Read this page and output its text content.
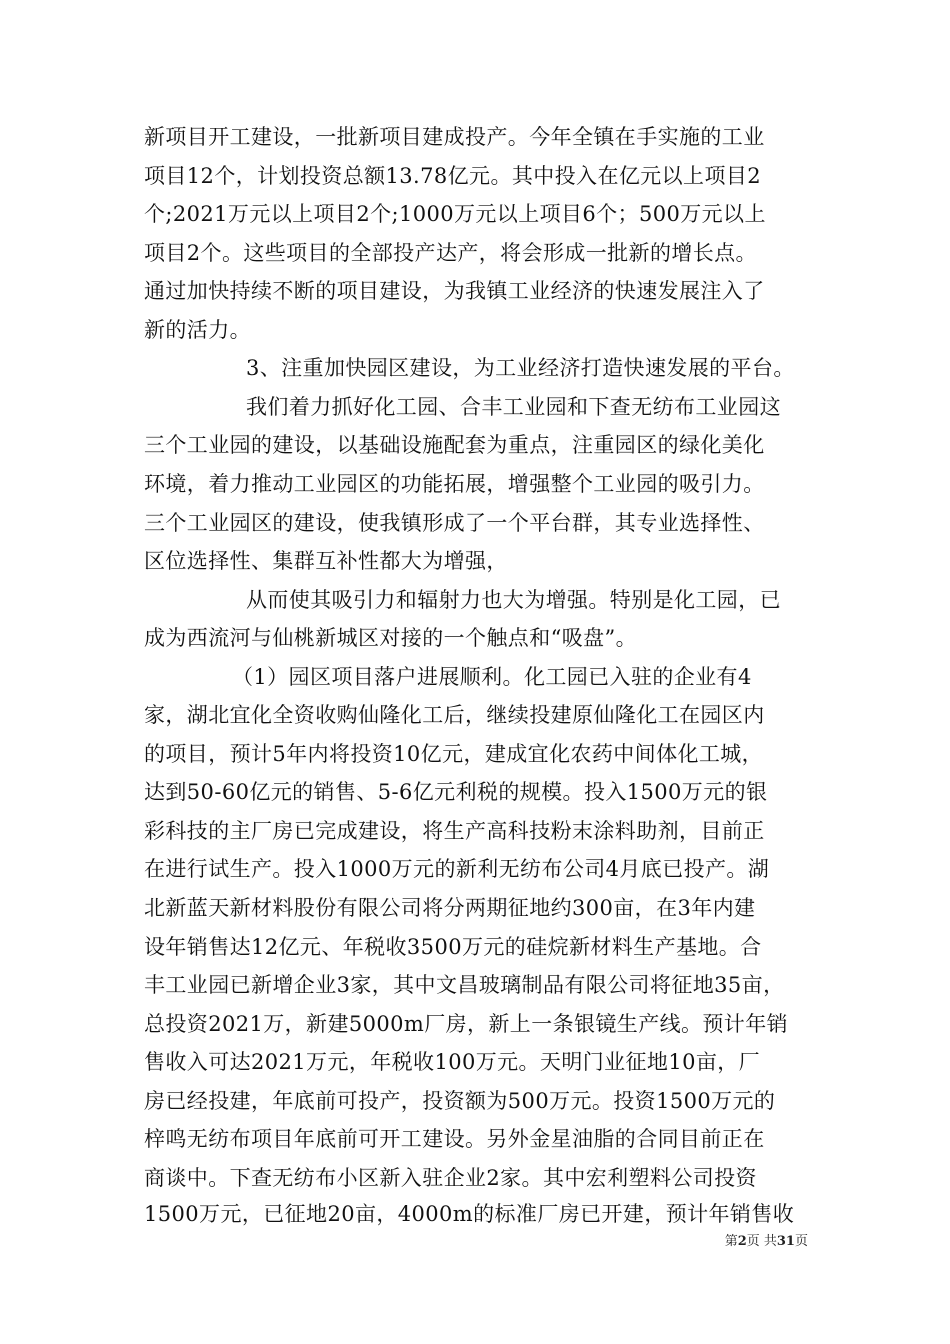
新项目开工建设，一批新项目建成投产。今年全镇在手实施的工业
项目12个，计划投资总额13.78亿元。其中投入在亿元以上项目2
个;2021万元以上项目2个;1000万元以上项目6个；500万元以上
项目2个。这些项目的全部投产达产，将会形成一批新的增长点。
通过加快持续不断的项目建设，为我镇工业经济的快速发展注入了
新的活力。
3、注重加快园区建设，为工业经济打造快速发展的平台。
我们着力抓好化工园、合丰工业园和下查无纺布工业园这
三个工业园的建设，以基础设施配套为重点，注重园区的绿化美化
环境，着力推动工业园区的功能拓展，增强整个工业园的吸引力。
三个工业园区的建设，使我镇形成了一个平台群，其专业选择性、
区位选择性、集群互补性都大为增强，
从而使其吸引力和辐射力也大为增强。特别是化工园，已
成为西流河与仙桃新城区对接的一个触点和“吸盘”。
（1）园区项目落户进展顺利。化工园已入驻的企业有4
家，湖北宜化全资收购仙隆化工后，继续投建原仙隆化工在园区内
的项目，预计5年内将投资10亿元，建成宜化农药中间体化工城，
达到50-60亿元的销售、5-6亿元利税的规模。投入1500万元的银
彩科技的主厂房已完成建设，将生产高科技粉末涂料助剂，目前正
在进行试生产。投入1000万元的新利无纺布公司4月底已投产。湖
北新蓝天新材料股份有限公司将分两期征地约300亩，在3年内建
设年销售达12亿元、年税收3500万元的硅烷新材料生产基地。合
丰工业园已新增企业3家，其中文昌玻璃制品有限公司将征地35亩，
总投资2021万，新建5000m厂房，新上一条银镜生产线。预计年销
售收入可达2021万元，年税收100万元。天明门业征地10亩，厂
房已经投建，年底前可投产，投资额为500万元。投资1500万元的
梓鸣无纺布项目年底前可开工建设。另外金星油脂的合同目前正在
商谈中。下查无纺布小区新入驻企业2家。其中宏利塑料公司投资
1500万元，已征地20亩，4000m的标准厂房已开建，预计年销售收
第2页 共31页
